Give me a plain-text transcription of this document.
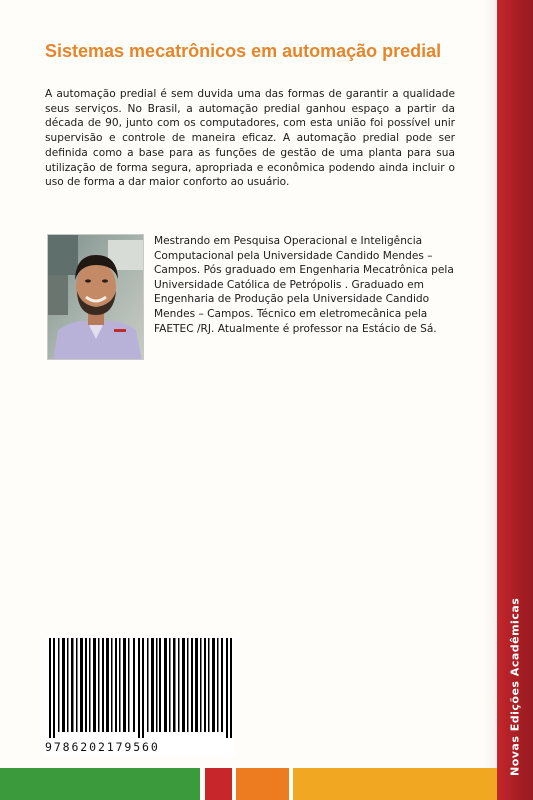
Novas Edições Acadêmicas
Sistemas mecatrônicos em automação predial

A automação predial é sem duvida uma das formas de garantir a qualidade seus serviços. No Brasil, a automação predial ganhou espaço a partir da década de 90, junto com os computadores, com esta união foi possível unir supervisão e controle de maneira eficaz. A automação predial pode ser definida como a base para as funções de gestão de uma planta para sua utilização de forma segura, apropriada e econômica podendo ainda incluir o uso de forma a dar maior conforto ao usuário.

Mestrando em Pesquisa Operacional e Inteligência Computacional pela Universidade Candido Mendes – Campos. Pós graduado em Engenharia Mecatrônica pela Universidade Católica de Petrópolis . Graduado em Engenharia de Produção pela Universidade Candido Mendes – Campos. Técnico em eletromecânica pela FAETEC /RJ. Atualmente é professor na Estácio de Sá.

9786202179560
